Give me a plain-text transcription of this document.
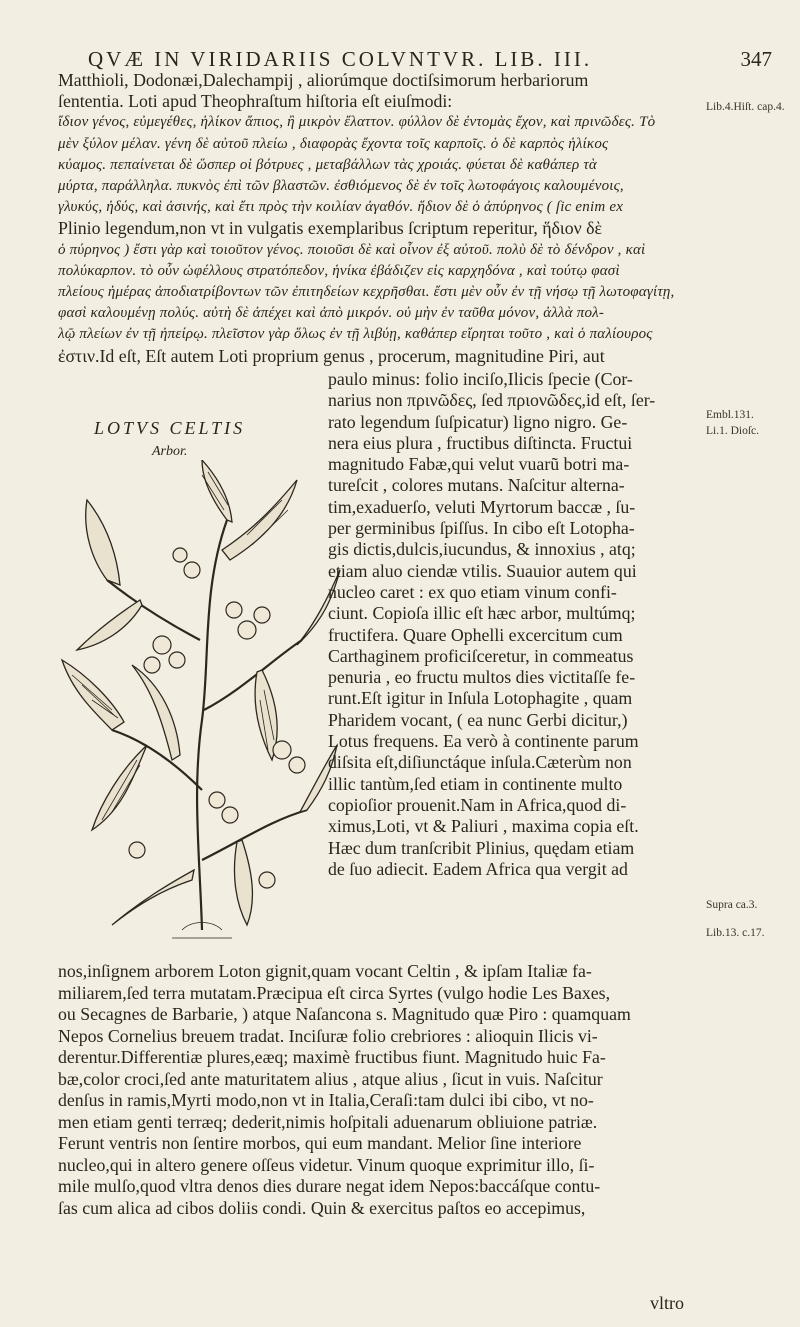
QVÆ IN VIRIDARIIS COLVNTVR. LIB. III.	347

Matthioli, Dodonæi,Dalechampij , aliorúmque doctiſsimorum herbariorum

ſententia. Loti apud Theophraſtum hiſtoria eſt eiuſmodi:

ἴδιον γένος, εὐμεγέθες, ἡλίκον ἄπιος, ἢ μικρὸν ἔλαττον. φύλλον δὲ ἐντομὰς ἔχον, καὶ πρινῶδες. Τὸ

μὲν ξύλον μέλαν. γένη δὲ αὐτοῦ πλείω , διαφορὰς ἔχοντα τοῖς καρποῖς. ὁ δὲ καρπὸς ἡλίκος

κύαμος. πεπαίνεται δὲ ὥσπερ οἱ βότρυες , μεταβάλλων τὰς χροιάς. φύεται δὲ καθάπερ τὰ

μύρτα, παράλληλα. πυκνὸς ἐπὶ τῶν βλαστῶν. ἐσθιόμενος δὲ ἐν τοῖς λωτοφάγοις καλουμένοις,

γλυκύς, ἡδύς, καὶ ἀσινής, καὶ ἔτι πρὸς τὴν κοιλίαν ἀγαθόν. ἥδιον δὲ ὁ ἀπύρηνος ( ſic enim ex

Plinio legendum,non vt in vulgatis exemplaribus ſcriptum reperitur, ἥδιον δὲ

ὁ πύρηνος ) ἔστι γὰρ καὶ τοιοῦτον γένος. ποιοῦσι δὲ καὶ οἶνον ἐξ αὐτοῦ. πολὺ δὲ τὸ δένδρον , καὶ

πολύκαρπον. τὸ οὖν ὠφέλλους στρατόπεδον, ἡνίκα ἐβάδιζεν εἰς καρχηδόνα , καὶ τούτῳ φασὶ

πλείους ἡμέρας ἀποδιατρίβοντων τῶν ἐπιτηδείων κεχρῆσθαι. ἔστι μὲν οὖν ἐν τῇ νήσῳ τῇ λωτοφαγίτῃ,

φασὶ καλουμένῃ πολύς. αὐτὴ δὲ ἀπέχει καὶ ἀπὸ μικρόν. οὐ μὴν ἐν ταῦθα μόνον, ἀλλὰ πολ-

λῷ πλείων ἐν τῇ ἠπείρῳ. πλεῖστον γὰρ ὅλως ἐν τῇ λιβύῃ, καθάπερ εἴρηται τοῦτο , καὶ ὁ παλίουρος

ἐστιν.Id eſt, Eſt autem Loti proprium genus , procerum, magnitudine Piri, aut

LOTVS CELTIS
Arbor.

paulo minus: folio inciſo,Ilicis ſpecie (Cor-

narius non πρινῶδες, ſed πριονῶδες,id eſt, ſer-

rato legendum ſuſpicatur) ligno nigro. Ge-

nera eius plura , fructibus diſtincta. Fructui

magnitudo Fabæ,qui velut vuarũ botri ma-

tureſcit , colores mutans. Naſcitur alterna-

tim,exaduerſo, veluti Myrtorum baccæ , ſu-

per germinibus ſpiſſus. In cibo eſt Lotopha-

gis dictis,dulcis,iucundus, & innoxius , atq;

etiam aluo ciendæ vtilis. Suauior autem qui

nucleo caret : ex quo etiam vinum confi-

ciunt. Copioſa illic eſt hæc arbor, multúmq;

fructifera. Quare Ophelli excercitum cum

Carthaginem proficiſceretur, in commeatus

penuria , eo fructu multos dies victitaſſe fe-

runt.Eſt igitur in Inſula Lotophagite , quam

Pharidem vocant, ( ea nunc Gerbi dicitur,)

Lotus frequens. Ea verò à continente parum

diſsita eſt,diſiunctáque inſula.Cæterùm non

illic tantùm,ſed etiam in continente multo

copioſior prouenit.Nam in Africa,quod di-

ximus,Loti, vt & Paliuri , maxima copia eſt.

Hæc dum tranſcribit Plinius, quędam etiam

de ſuo adiecit. Eadem Africa qua vergit ad

nos,inſignem arborem Loton gignit,quam vocant Celtin , & ipſam Italiæ fa-

miliarem,ſed terra mutatam.Præcipua eſt circa Syrtes (vulgo hodie Les Baxes,

ou Secagnes de Barbarie, ) atque Naſancona s. Magnitudo quæ Piro : quamquam

Nepos Cornelius breuem tradat. Inciſuræ folio crebriores : alioquin Ilicis vi-

derentur.Differentiæ plures,eæq; maximè fructibus fiunt. Magnitudo huic Fa-

bæ,color croci,ſed ante maturitatem alius , atque alius , ſicut in vuis. Naſcitur

denſus in ramis,Myrti modo,non vt in Italia,Ceraſi:tam dulci ibi cibo, vt no-

men etiam genti terræq; dederit,nimis hoſpitali aduenarum obliuione patriæ.

Ferunt ventris non ſentire morbos, qui eum mandant. Melior ſine interiore

nucleo,qui in altero genere oſſeus videtur. Vinum quoque exprimitur illo, ſi-

mile mulſo,quod vltra denos dies durare negat idem Nepos:baccáſque contu-

ſas cum alica ad cibos doliis condi. Quin & exercitus paſtos eo accepimus,

vltro
Lib.4.Hiſt. cap.4.
Embl.131.
Li.1. Dioſc.
Supra ca.3.
Lib.13. c.17.
